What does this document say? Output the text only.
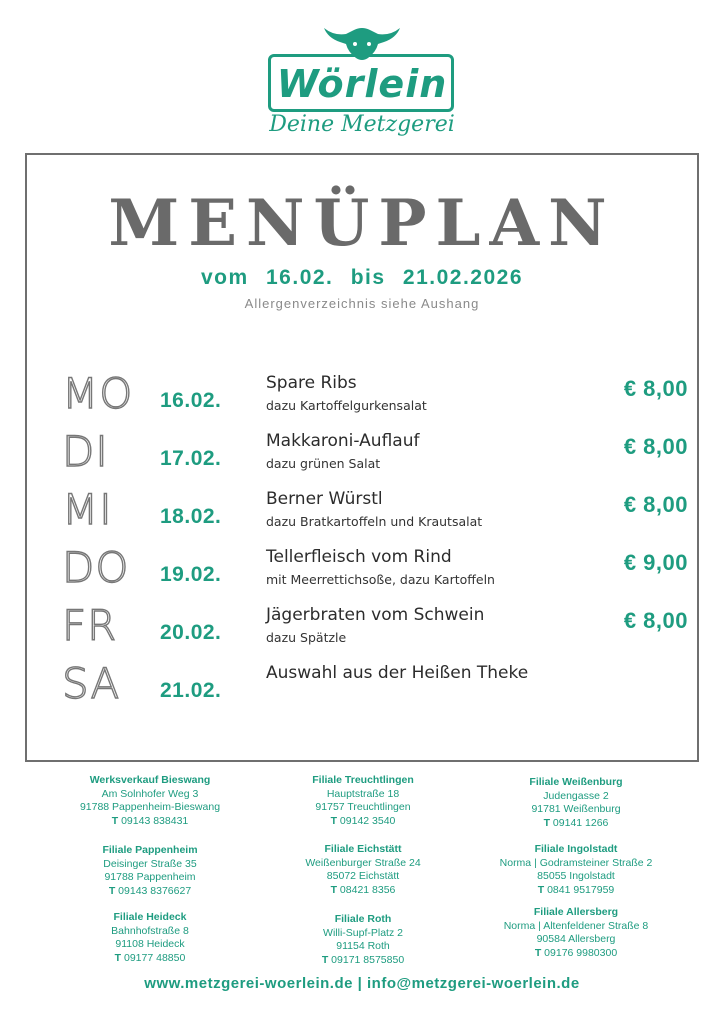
Wörlein
Deine Metzgerei
MENÜPLAN
vom 16.02. bis 21.02.2026
Allergenverzeichnis siehe Aushang
MO 16.02.
Spare Ribs
dazu Kartoffelgurkensalat
€ 8,00
DI 17.02.
Makkaroni-Auflauf
dazu grünen Salat
€ 8,00
MI 18.02.
Berner Würstl
dazu Bratkartoffeln und Krautsalat
€ 8,00
DO 19.02.
Tellerfleisch vom Rind
mit Meerrettichsoße, dazu Kartoffeln
€ 9,00
FR 20.02.
Jägerbraten vom Schwein
dazu Spätzle
€ 8,00
SA 21.02.
Auswahl aus der Heißen Theke
Werksverkauf Bieswang
Am Solnhofer Weg 3
91788 Pappenheim-Bieswang
T 09143 838431
Filiale Pappenheim
Deisinger Straße 35
91788 Pappenheim
T 09143 8376627
Filiale Heideck
Bahnhofstraße 8
91108 Heideck
T 09177 48850
Filiale Treuchtlingen
Hauptstraße 18
91757 Treuchtlingen
T 09142 3540
Filiale Eichstätt
Weißenburger Straße 24
85072 Eichstätt
T 08421 8356
Filiale Roth
Willi-Supf-Platz 2
91154 Roth
T 09171 8575850
Filiale Weißenburg
Judengasse 2
91781 Weißenburg
T 09141 1266
Filiale Ingolstadt
Norma | Godramsteiner Straße 2
85055 Ingolstadt
T 0841 9517959
Filiale Allersberg
Norma | Altenfeldener Straße 8
90584 Allersberg
T 09176 9980300
www.metzgerei-woerlein.de | info@metzgerei-woerlein.de
